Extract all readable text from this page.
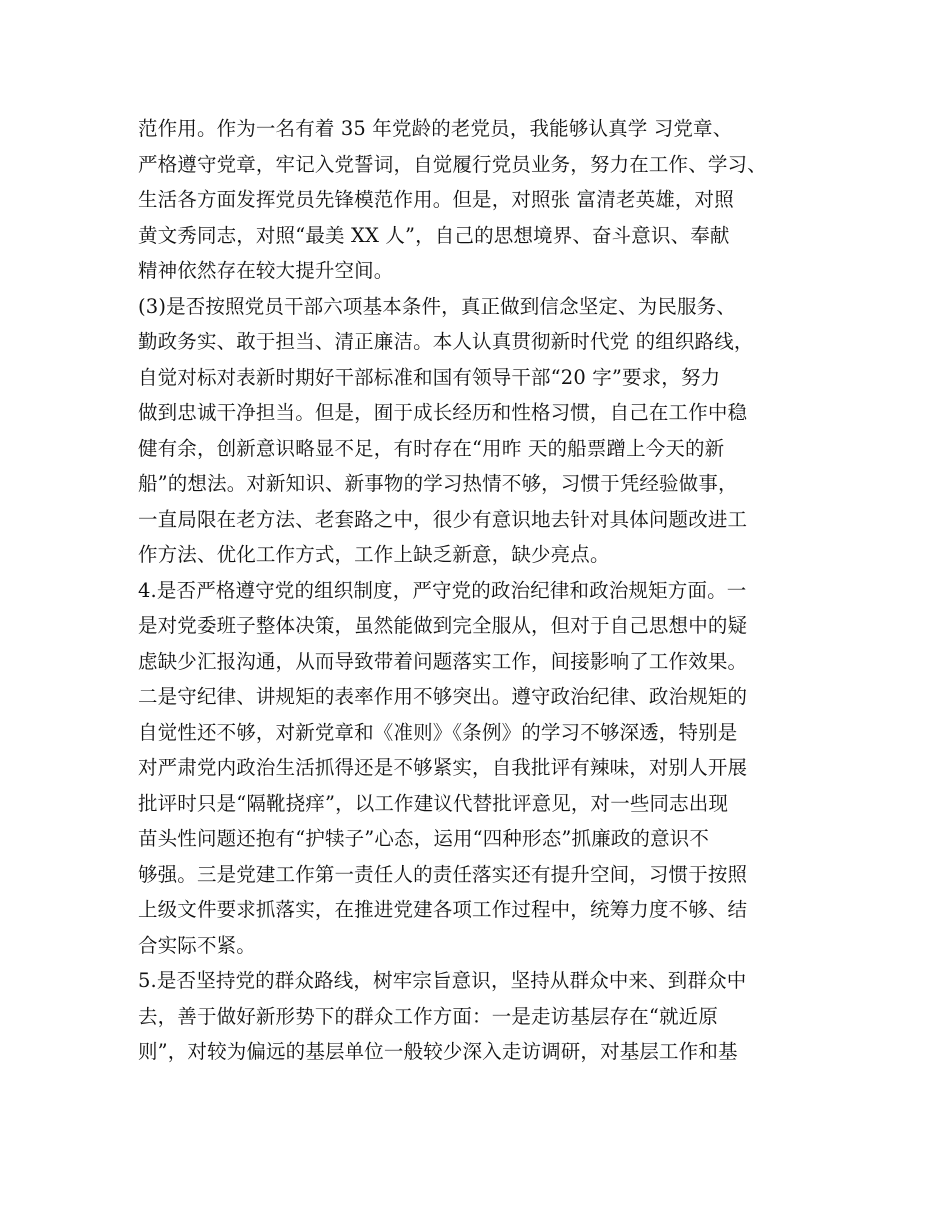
范作用。作为一名有着 35 年党龄的老党员，我能够认真学 习党章、
严格遵守党章，牢记入党誓词，自觉履行党员业务，努力在工作、学习、
生活各方面发挥党员先锋模范作用。但是，对照张 富清老英雄，对照
黄文秀同志，对照“最美 XX 人”，自己的思想境界、奋斗意识、奉献
精神依然存在较大提升空间。
(3)是否按照党员干部六项基本条件，真正做到信念坚定、为民服务、
勤政务实、敢于担当、清正廉洁。本人认真贯彻新时代党 的组织路线，
自觉对标对表新时期好干部标准和国有领导干部“20 字”要求，努力
做到忠诚干净担当。但是，囿于成长经历和性格习惯，自己在工作中稳
健有余，创新意识略显不足，有时存在“用昨 天的船票蹭上今天的新
船”的想法。对新知识、新事物的学习热情不够，习惯于凭经验做事，
一直局限在老方法、老套路之中，很少有意识地去针对具体问题改进工
作方法、优化工作方式，工作上缺乏新意，缺少亮点。
4.是否严格遵守党的组织制度，严守党的政治纪律和政治规矩方面。一
是对党委班子整体决策，虽然能做到完全服从，但对于自己思想中的疑
虑缺少汇报沟通，从而导致带着问题落实工作，间接影响了工作效果。
二是守纪律、讲规矩的表率作用不够突出。遵守政治纪律、政治规矩的
自觉性还不够，对新党章和《准则》《条例》的学习不够深透，特别是
对严肃党内政治生活抓得还是不够紧实，自我批评有辣味，对别人开展
批评时只是“隔靴挠痒”，以工作建议代替批评意见，对一些同志出现
苗头性问题还抱有“护犊子”心态，运用“四种形态”抓廉政的意识不
够强。三是党建工作第一责任人的责任落实还有提升空间，习惯于按照
上级文件要求抓落实，在推进党建各项工作过程中，统筹力度不够、结
合实际不紧。
5.是否坚持党的群众路线，树牢宗旨意识，坚持从群众中来、到群众中
去，善于做好新形势下的群众工作方面：一是走访基层存在“就近原
则”，对较为偏远的基层单位一般较少深入走访调研，对基层工作和基
